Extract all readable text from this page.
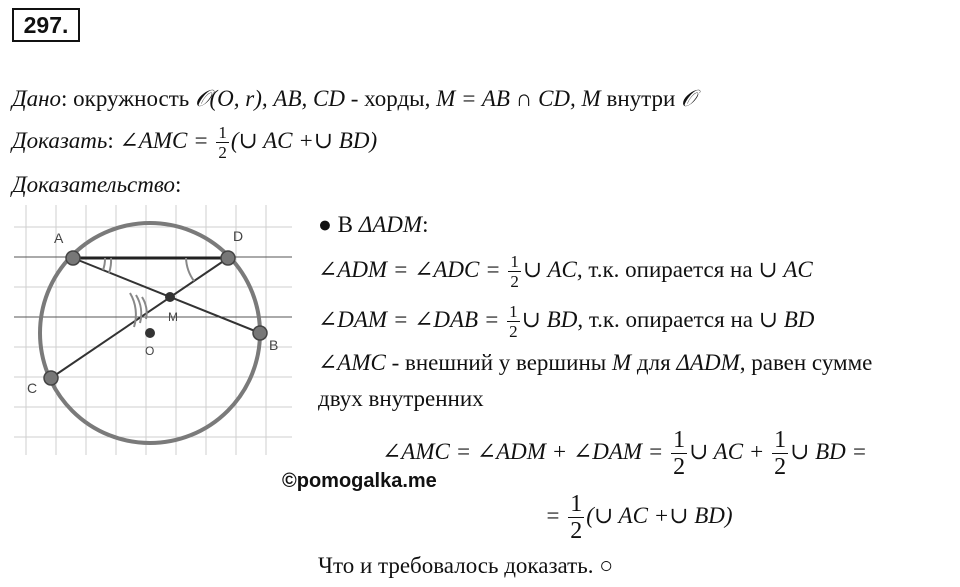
297.
Дано: окружность 𝒪(O, r), AB, CD - хорды, M = AB ∩ CD, M внутри 𝒪
Доказать: ∠AMC = $\frac{1}{2}$ (∪ AC +∪ BD)
Доказательство:
A	D
M
O	B
C
● В ΔADM:
∠ADM = ∠ADC = $\frac{1}{2}$ ∪ AC, т.к. опирается на ∪ AC
∠DAM = ∠DAB = $\frac{1}{2}$ ∪ BD, т.к. опирается на ∪ BD
∠AMC - внешний у вершины M для ΔADM, равен сумме
двух внутренних
∠AMC = ∠ADM + ∠DAM = $\frac{1}{2}$ ∪ AC + $\frac{1}{2}$ ∪ BD =
©pomogalka.me
= $\frac{1}{2}$ (∪ AC +∪ BD)
Что и требовалось доказать. ○
